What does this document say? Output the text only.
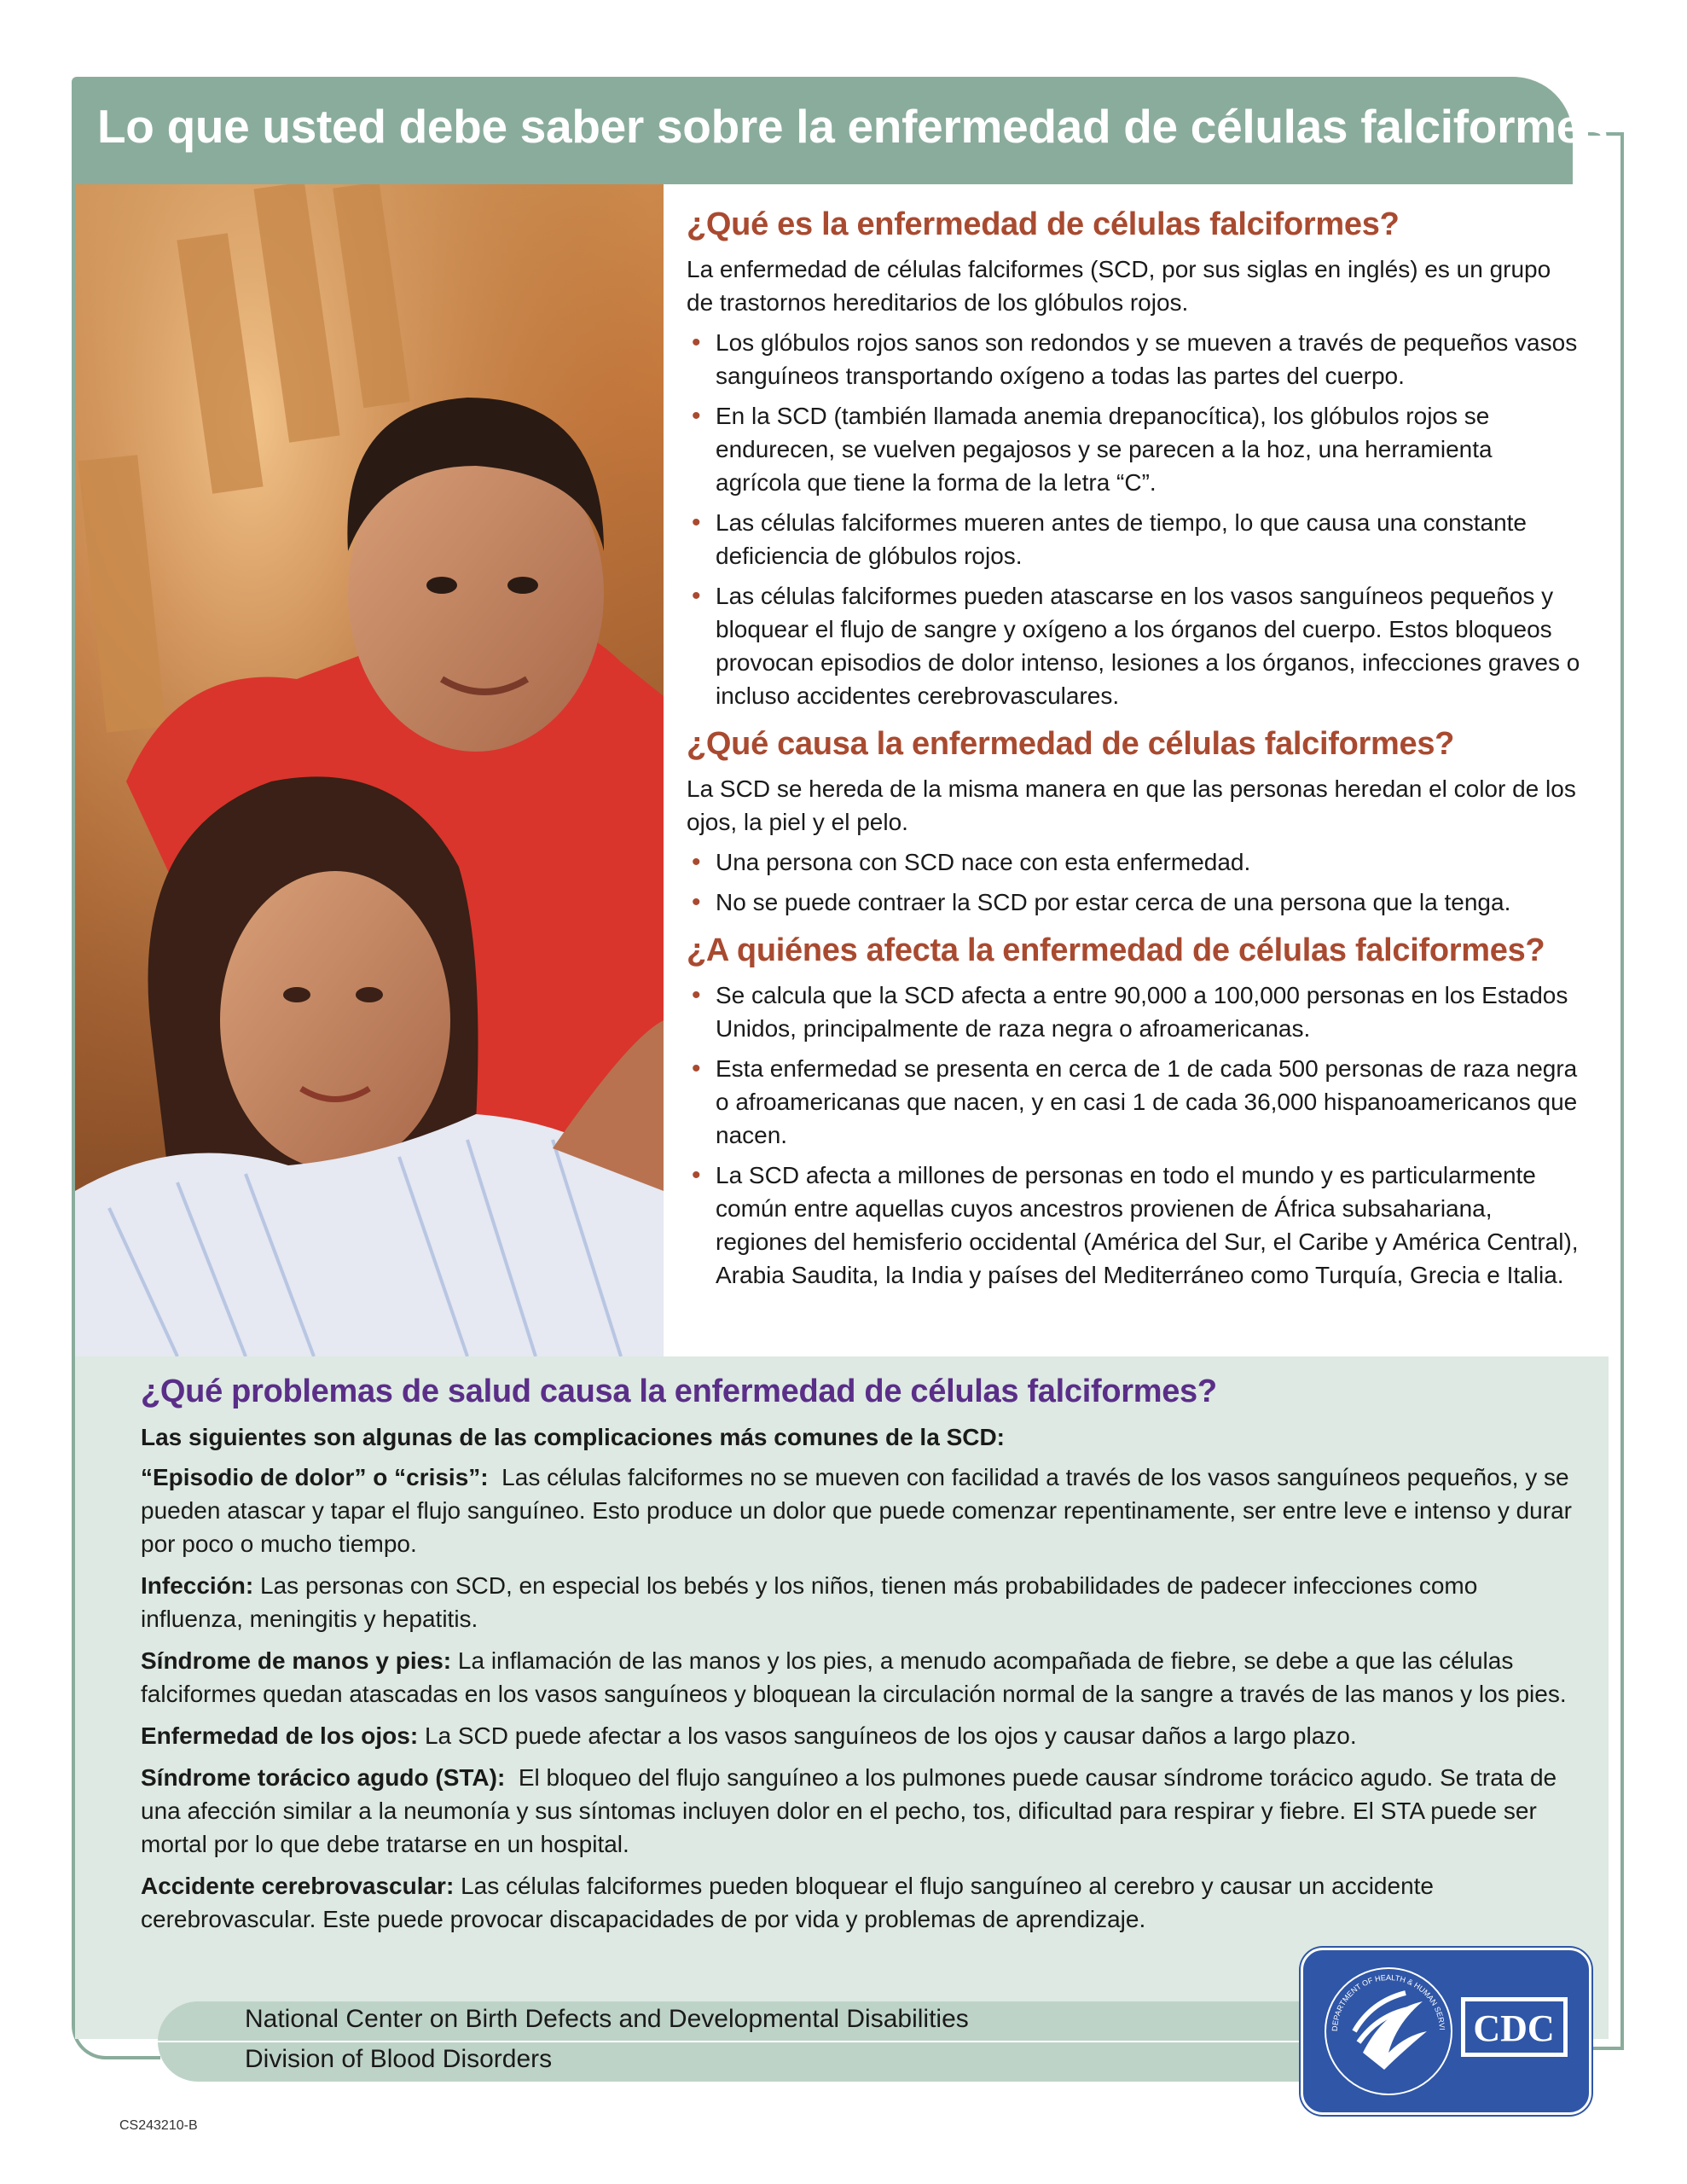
Lo que usted debe saber sobre la enfermedad de células falciformes

¿Qué es la enfermedad de células falciformes?

La enfermedad de células falciformes (SCD, por sus siglas en inglés) es un grupo de trastornos hereditarios de los glóbulos rojos.

• Los glóbulos rojos sanos son redondos y se mueven a través de pequeños vasos sanguíneos transportando oxígeno a todas las partes del cuerpo.
• En la SCD (también llamada anemia drepanocítica), los glóbulos rojos se endurecen, se vuelven pegajosos y se parecen a la hoz, una herramienta agrícola que tiene la forma de la letra “C”.
• Las células falciformes mueren antes de tiempo, lo que causa una constante deficiencia de glóbulos rojos.
• Las células falciformes pueden atascarse en los vasos sanguíneos pequeños y bloquear el flujo de sangre y oxígeno a los órganos del cuerpo. Estos bloqueos provocan episodios de dolor intenso, lesiones a los órganos, infecciones graves o incluso accidentes cerebrovasculares.

¿Qué causa la enfermedad de células falciformes?

La SCD se hereda de la misma manera en que las personas heredan el color de los ojos, la piel y el pelo.

• Una persona con SCD nace con esta enfermedad.
• No se puede contraer la SCD por estar cerca de una persona que la tenga.

¿A quiénes afecta la enfermedad de células falciformes?

• Se calcula que la SCD afecta a entre 90,000 a 100,000 personas en los Estados Unidos, principalmente de raza negra o afroamericanas.
• Esta enfermedad se presenta en cerca de 1 de cada 500 personas de raza negra o afroamericanas que nacen, y en casi 1 de cada 36,000 hispanoamericanos que nacen.
• La SCD afecta a millones de personas en todo el mundo y es particularmente común entre aquellas cuyos ancestros provienen de África subsahariana, regiones del hemisferio occidental (América del Sur, el Caribe y América Central), Arabia Saudita, la India y países del Mediterráneo como Turquía, Grecia e Italia.

¿Qué problemas de salud causa la enfermedad de células falciformes?

Las siguientes son algunas de las complicaciones más comunes de la SCD:

“Episodio de dolor” o “crisis”: Las células falciformes no se mueven con facilidad a través de los vasos sanguíneos pequeños, y se pueden atascar y tapar el flujo sanguíneo. Esto produce un dolor que puede comenzar repentinamente, ser entre leve e intenso y durar por poco o mucho tiempo.

Infección: Las personas con SCD, en especial los bebés y los niños, tienen más probabilidades de padecer infecciones como influenza, meningitis y hepatitis.

Síndrome de manos y pies: La inflamación de las manos y los pies, a menudo acompañada de fiebre, se debe a que las células falciformes quedan atascadas en los vasos sanguíneos y bloquean la circulación normal de la sangre a través de las manos y los pies.

Enfermedad de los ojos: La SCD puede afectar a los vasos sanguíneos de los ojos y causar daños a largo plazo.

Síndrome torácico agudo (STA): El bloqueo del flujo sanguíneo a los pulmones puede causar síndrome torácico agudo. Se trata de una afección similar a la neumonía y sus síntomas incluyen dolor en el pecho, tos, dificultad para respirar y fiebre. El STA puede ser mortal por lo que debe tratarse en un hospital.

Accidente cerebrovascular: Las células falciformes pueden bloquear el flujo sanguíneo al cerebro y causar un accidente cerebrovascular. Este puede provocar discapacidades de por vida y problemas de aprendizaje.

National Center on Birth Defects and Developmental Disabilities
Division of Blood Disorders
CDC
DEPARTMENT OF HEALTH & HUMAN SERVI
CS243210-B
